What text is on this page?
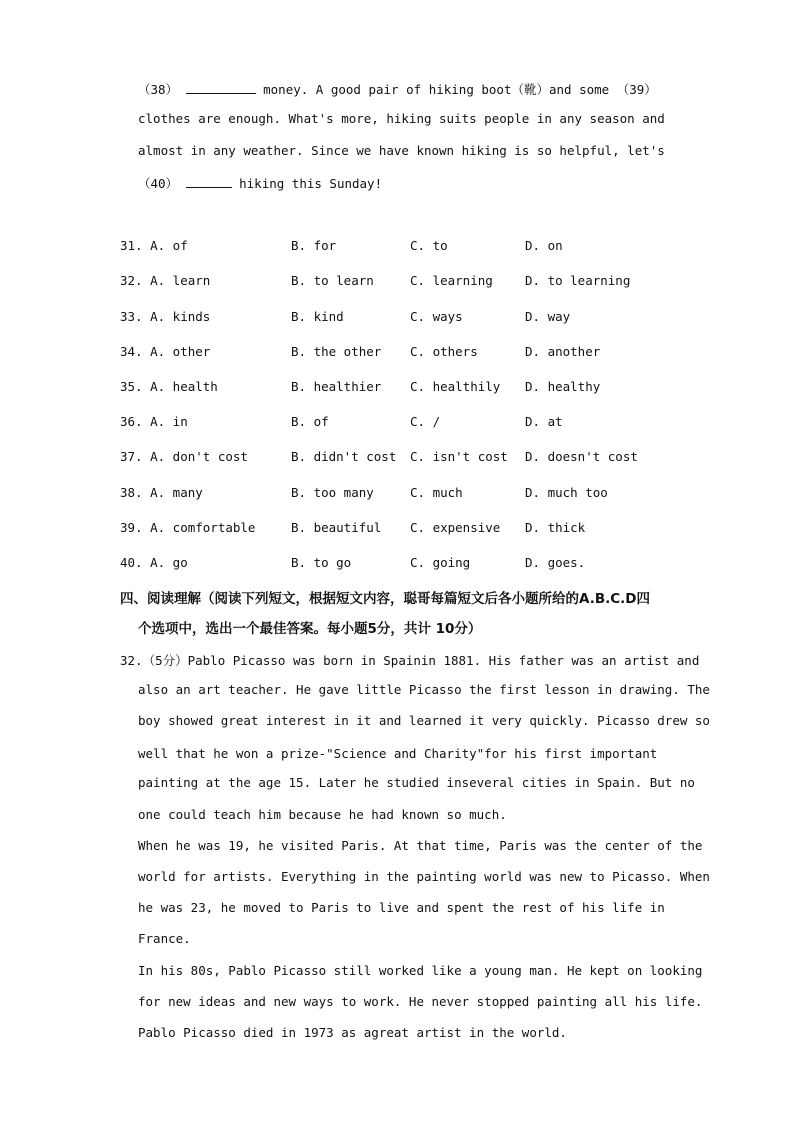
（38）	money. A good pair of hiking boot（靴）and some （39）
clothes are enough. What's more, hiking suits people in any season and
almost in any weather. Since we have known hiking is so helpful, let's
（40）	hiking this Sunday!
31. A. of	B. for	C. to	D. on
32. A. learn	B. to learn	C. learning	D. to learning
33. A. kinds	B. kind	C. ways	D. way
34. A. other	B. the other C. others	D. another
35. A. health	B. healthier C. healthily D. healthy
36. A. in	B. of	C. /	D. at
37. A. don't cost	B. didn't cost C. isn't cost D. doesn't cost
38. A. many	B. too many	C. much	D. much too
39. A. comfortable	B. beautiful C. expensive D. thick
40. A. go	B. to go	C. going	D. goes.
四、阅读理解（阅读下列短文，根据短文内容，聪哥每篇短文后各小题所给的A.B.C.D四
个选项中，选出一个最佳答案。每小题5分，共计 10分）
32.（5分）Pablo Picasso was born in Spainin 1881. His father was an artist and
also an art teacher. He gave little Picasso the first lesson in drawing. The
boy showed great interest in it and learned it very quickly. Picasso drew so
well that he won a prize-"Science and Charity"for his first important
painting at the age 15. Later he studied inseveral cities in Spain. But no
one could teach him because he had known so much.
When he was 19, he visited Paris. At that time, Paris was the center of the
world for artists. Everything in the painting world was new to Picasso. When
he was 23, he moved to Paris to live and spent the rest of his life in
France.
In his 80s, Pablo Picasso still worked like a young man. He kept on looking
for new ideas and new ways to work. He never stopped painting all his life.
Pablo Picasso died in 1973 as agreat artist in the world.
